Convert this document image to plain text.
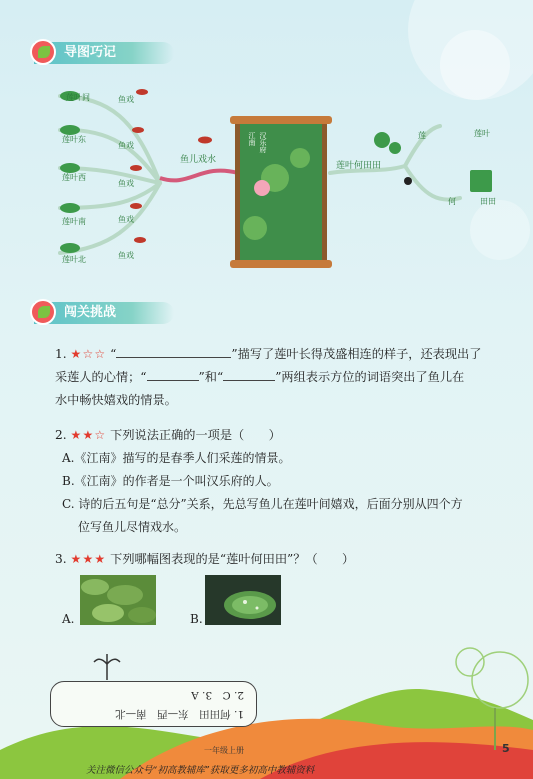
导图巧记
莲叶间	鱼戏
莲叶东
鱼戏
莲叶西
鱼戏
莲叶南	鱼戏
莲叶北	鱼戏
鱼儿戏水
江南 汉乐府
莲叶何田田
莲	莲叶
何	田田
闯关挑战
1. ★☆☆ “	”描写了莲叶长得茂盛相连的样子，还表现出了
采莲人的心情；“	”和“	”两组表示方位的词语突出了鱼儿在
水中畅快嬉戏的情景。
2. ★★☆ 下列说法正确的一项是（　　）
A.《江南》描写的是春季人们采莲的情景。
B.《江南》的作者是一个叫汉乐府的人。
C. 诗的后五句是“总分”关系，先总写鱼儿在莲叶间嬉戏，后面分别从四个方
位写鱼儿尽情戏水。
3. ★★★ 下列哪幅图表现的是“莲叶何田田”？（　　）
A.	B.
1. 何田田　东—西　南—北
2. C　3. A
一年级上册	5
关注微信公众号“初高教辅库”获取更多初高中教辅资料
